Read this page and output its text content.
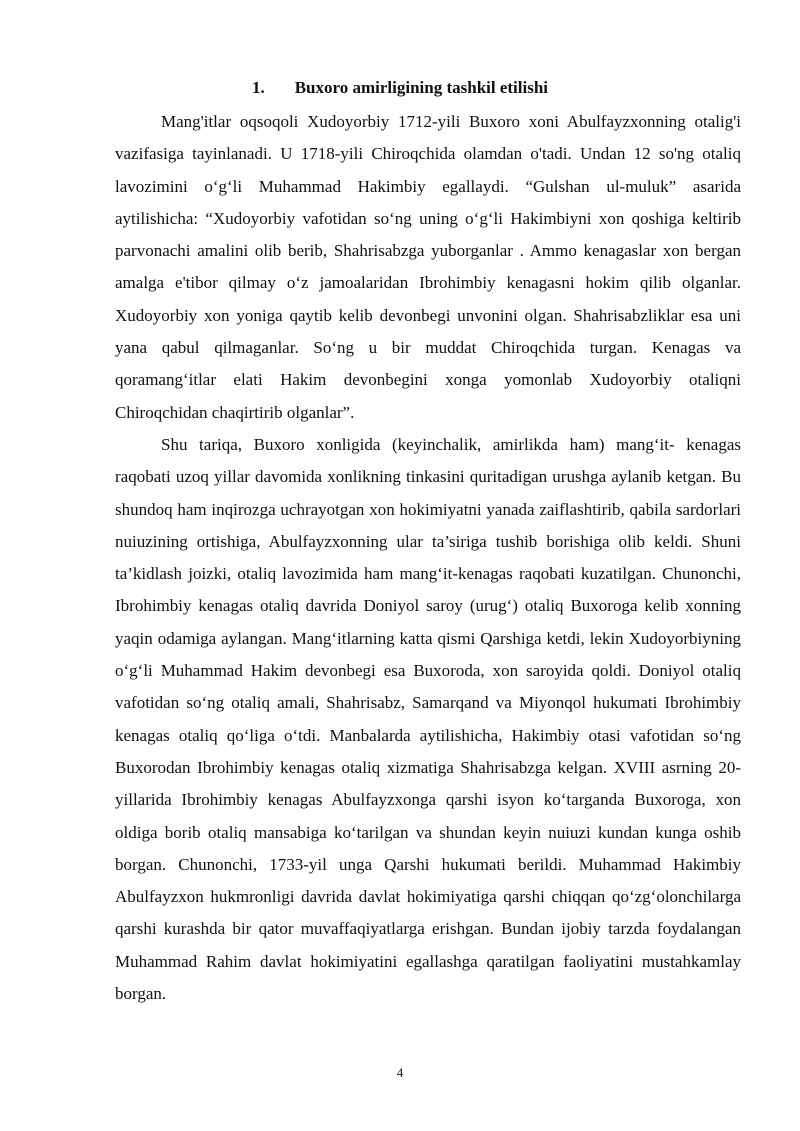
1. Buxoro amirligining tashkil etilishi

Mang'itlar oqsoqoli Xudoyorbiy 1712-yili Buxoro xoni Abulfayzxonning otalig'i vazifasiga tayinlanadi. U 1718-yili Chiroqchida olamdan o'tadi. Undan 12 so'ng otaliq lavozimini o‘g‘li Muhammad Hakimbiy egallaydi. “Gulshan ul-muluk” asarida aytilishicha: “Xudoyorbiy vafotidan so‘ng uning o‘g‘li Hakimbiyni xon qoshiga keltirib parvonachi amalini olib berib, Shahrisabzga yuborganlar . Ammo kenagaslar xon bergan amalga e'tibor qilmay o‘z jamoalaridan Ibrohimbiy kenagasni hokim qilib olganlar. Xudoyorbiy xon yoniga qaytib kelib devonbegi unvonini olgan. Shahrisabzliklar esa uni yana qabul qilmaganlar. So‘ng u bir muddat Chiroqchida turgan. Kenagas va qoramang‘itlar elati Hakim devonbegini xonga yomonlab Xudoyorbiy otaliqni Chiroqchidan chaqirtirib olganlar”.

Shu tariqa, Buxoro xonligida (keyinchalik, amirlikda ham) mang‘it- kenagas raqobati uzoq yillar davomida xonlikning tinkasini quritadigan urushga aylanib ketgan. Bu shundoq ham inqirozga uchrayotgan xon hokimiyatni yanada zaiflashtirib, qabila sardorlari nuiuzining ortishiga, Abulfayzxonning ular ta’siriga tushib borishiga olib keldi. Shuni ta’kidlash joizki, otaliq lavozimida ham mang‘it-kenagas raqobati kuzatilgan. Chunonchi, Ibrohimbiy kenagas otaliq davrida Doniyol saroy (urug‘) otaliq Buxoroga kelib xonning yaqin odamiga aylangan. Mang‘itlarning katta qismi Qarshiga ketdi, lekin Xudoyorbiyning o‘g‘li Muhammad Hakim devonbegi esa Buxoroda, xon saroyida qoldi. Doniyol otaliq vafotidan so‘ng otaliq amali, Shahrisabz, Samarqand va Miyonqol hukumati Ibrohimbiy kenagas otaliq qo‘liga o‘tdi. Manbalarda aytilishicha, Hakimbiy otasi vafotidan so‘ng Buxorodan Ibrohimbiy kenagas otaliq xizmatiga Shahrisabzga kelgan. XVIII asrning 20-yillarida Ibrohimbiy kenagas Abulfayzxonga qarshi isyon ko‘targanda Buxoroga, xon oldiga borib otaliq mansabiga ko‘tarilgan va shundan keyin nuiuzi kundan kunga oshib borgan. Chunonchi, 1733-yil unga Qarshi hukumati berildi. Muhammad Hakimbiy Abulfayzxon hukmronligi davrida davlat hokimiyatiga qarshi chiqqan qo‘zg‘olonchilarga qarshi kurashda bir qator muvaffaqiyatlarga erishgan. Bundan ijobiy tarzda foydalangan Muhammad Rahim davlat hokimiyatini egallashga qaratilgan faoliyatini mustahkamlay borgan.

4
